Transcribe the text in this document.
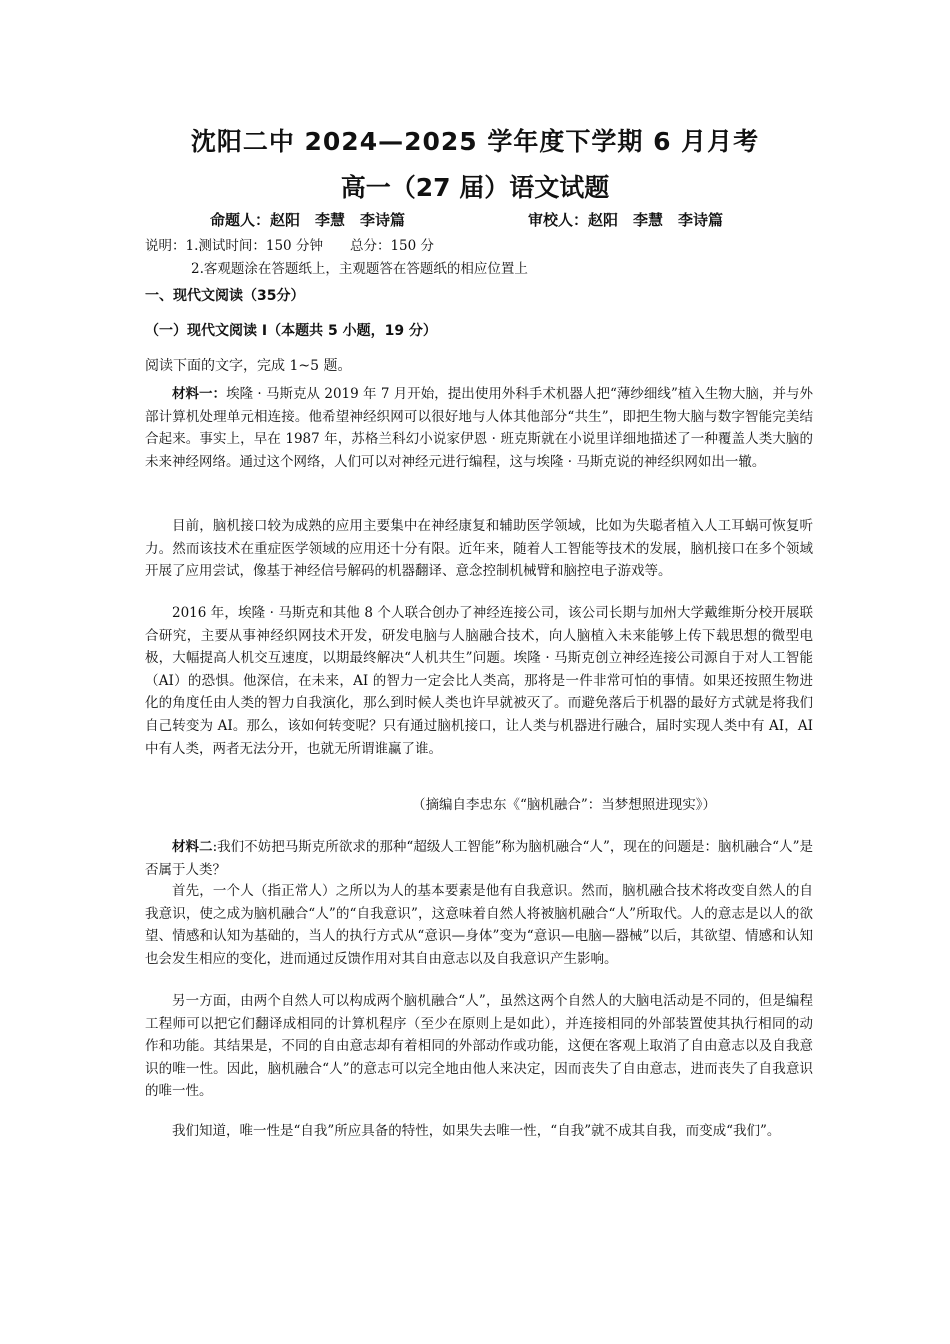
沈阳二中 2024—2025 学年度下学期 6 月月考
高一（27 届）语文试题
命题人：赵阳　李慧　李诗篇	审校人：赵阳　李慧　李诗篇
说明：1.测试时间：150 分钟　　总分：150 分
2.客观题涂在答题纸上，主观题答在答题纸的相应位置上
一、现代文阅读（35分）
（一）现代文阅读 I（本题共 5 小题，19 分）
阅读下面的文字，完成 1~5 题。

材料一：埃隆 · 马斯克从 2019 年 7 月开始，提出使用外科手术机器人把“薄纱细线”植入生物大脑，并与外部计算机处理单元相连接。他希望神经织网可以很好地与人体其他部分“共生”，即把生物大脑与数字智能完美结合起来。事实上，早在 1987 年，苏格兰科幻小说家伊恩 · 班克斯就在小说里详细地描述了一种覆盖人类大脑的未来神经网络。通过这个网络，人们可以对神经元进行编程，这与埃隆 · 马斯克说的神经织网如出一辙。

目前，脑机接口较为成熟的应用主要集中在神经康复和辅助医学领域，比如为失聪者植入人工耳蜗可恢复听力。然而该技术在重症医学领域的应用还十分有限。近年来，随着人工智能等技术的发展，脑机接口在多个领域开展了应用尝试，像基于神经信号解码的机器翻译、意念控制机械臂和脑控电子游戏等。

2016 年，埃隆 · 马斯克和其他 8 个人联合创办了神经连接公司，该公司长期与加州大学戴维斯分校开展联合研究，主要从事神经织网技术开发，研发电脑与人脑融合技术，向人脑植入未来能够上传下载思想的微型电极，大幅提高人机交互速度，以期最终解决“人机共生”问题。埃隆 · 马斯克创立神经连接公司源自于对人工智能（AI）的恐惧。他深信，在未来，AI 的智力一定会比人类高，那将是一件非常可怕的事情。如果还按照生物进化的角度任由人类的智力自我演化，那么到时候人类也许早就被灭了。而避免落后于机器的最好方式就是将我们自己转变为 AI。那么，该如何转变呢？只有通过脑机接口，让人类与机器进行融合，届时实现人类中有 AI，AI 中有人类，两者无法分开，也就无所谓谁赢了谁。

（摘编自李忠东《“脑机融合”：当梦想照进现实》）

材料二:我们不妨把马斯克所欲求的那种“超级人工智能”称为脑机融合“人”，现在的问题是：脑机融合“人”是否属于人类？

首先，一个人（指正常人）之所以为人的基本要素是他有自我意识。然而，脑机融合技术将改变自然人的自我意识，使之成为脑机融合“人”的“自我意识”，这意味着自然人将被脑机融合“人”所取代。人的意志是以人的欲望、情感和认知为基础的，当人的执行方式从“意识—身体”变为“意识—电脑—器械”以后，其欲望、情感和认知也会发生相应的变化，进而通过反馈作用对其自由意志以及自我意识产生影响。

另一方面，由两个自然人可以构成两个脑机融合“人”，虽然这两个自然人的大脑电活动是不同的，但是编程工程师可以把它们翻译成相同的计算机程序（至少在原则上是如此），并连接相同的外部装置使其执行相同的动作和功能。其结果是，不同的自由意志却有着相同的外部动作或功能，这便在客观上取消了自由意志以及自我意识的唯一性。因此，脑机融合“人”的意志可以完全地由他人来决定，因而丧失了自由意志，进而丧失了自我意识的唯一性。

我们知道，唯一性是“自我”所应具备的特性，如果失去唯一性，“自我”就不成其自我，而变成“我们”。
